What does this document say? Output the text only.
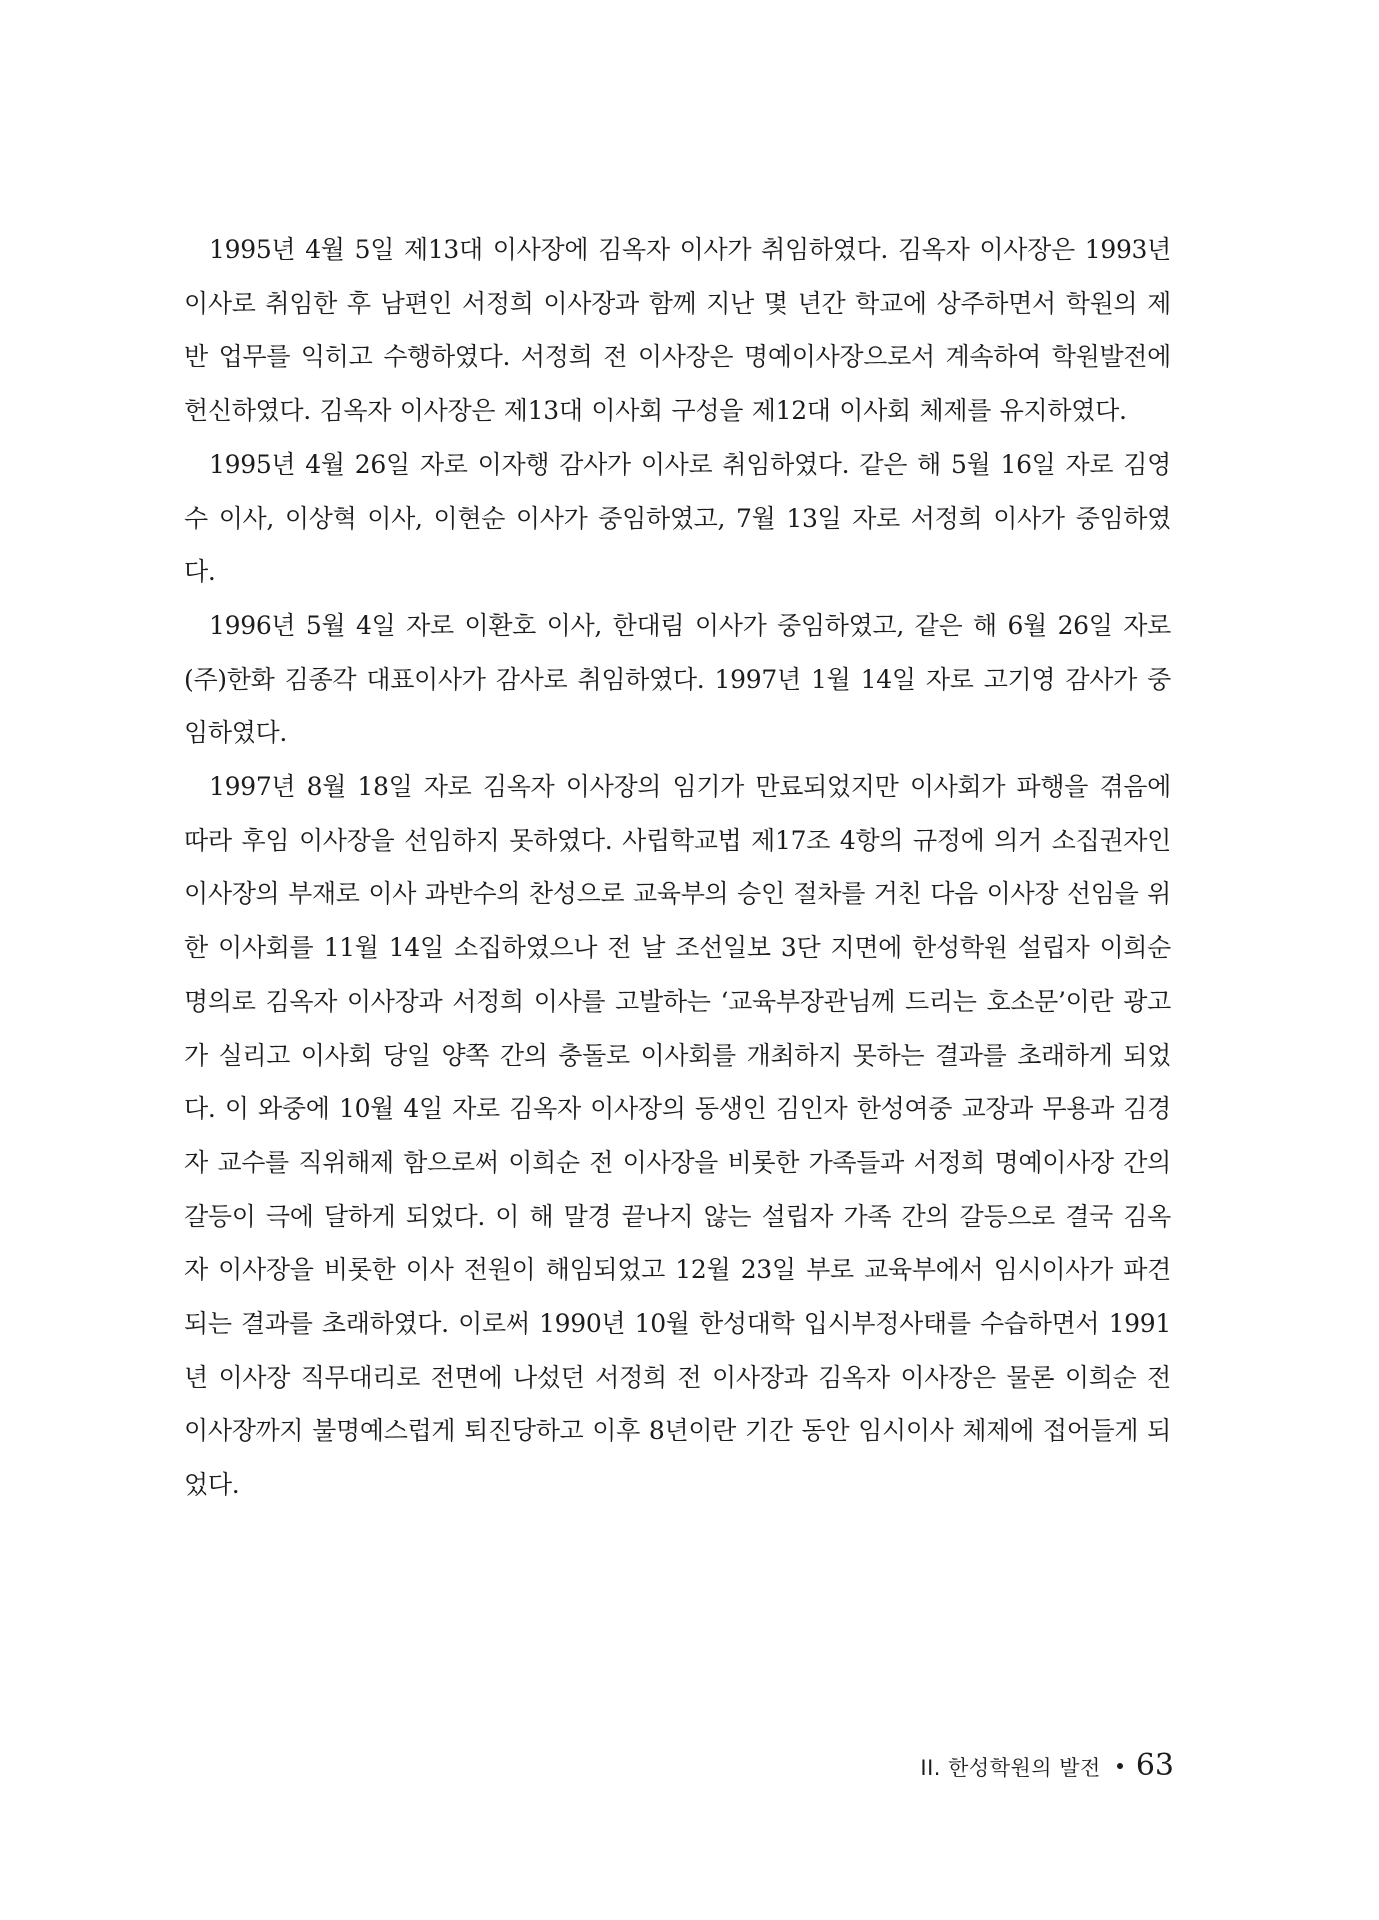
1995년 4월 5일 제13대 이사장에 김옥자 이사가 취임하였다. 김옥자 이사장은 1993년 이사로 취임한 후 남편인 서정희 이사장과 함께 지난 몇 년간 학교에 상주하면서 학원의 제반 업무를 익히고 수행하였다. 서정희 전 이사장은 명예이사장으로서 계속하여 학원발전에 헌신하였다. 김옥자 이사장은 제13대 이사회 구성을 제12대 이사회 체제를 유지하였다.

1995년 4월 26일 자로 이자행 감사가 이사로 취임하였다. 같은 해 5월 16일 자로 김영수 이사, 이상혁 이사, 이현순 이사가 중임하였고, 7월 13일 자로 서정희 이사가 중임하였다.

1996년 5월 4일 자로 이환호 이사, 한대림 이사가 중임하였고, 같은 해 6월 26일 자로 (주)한화 김종각 대표이사가 감사로 취임하였다. 1997년 1월 14일 자로 고기영 감사가 중임하였다.

1997년 8월 18일 자로 김옥자 이사장의 임기가 만료되었지만 이사회가 파행을 겪음에 따라 후임 이사장을 선임하지 못하였다. 사립학교법 제17조 4항의 규정에 의거 소집권자인 이사장의 부재로 이사 과반수의 찬성으로 교육부의 승인 절차를 거친 다음 이사장 선임을 위한 이사회를 11월 14일 소집하였으나 전 날 조선일보 3단 지면에 한성학원 설립자 이희순 명의로 김옥자 이사장과 서정희 이사를 고발하는 ‘교육부장관님께 드리는 호소문’이란 광고가 실리고 이사회 당일 양쪽 간의 충돌로 이사회를 개최하지 못하는 결과를 초래하게 되었다. 이 와중에 10월 4일 자로 김옥자 이사장의 동생인 김인자 한성여중 교장과 무용과 김경자 교수를 직위해제 함으로써 이희순 전 이사장을 비롯한 가족들과 서정희 명예이사장 간의 갈등이 극에 달하게 되었다. 이 해 말경 끝나지 않는 설립자 가족 간의 갈등으로 결국 김옥자 이사장을 비롯한 이사 전원이 해임되었고 12월 23일 부로 교육부에서 임시이사가 파견되는 결과를 초래하였다. 이로써 1990년 10월 한성대학 입시부정사태를 수습하면서 1991년 이사장 직무대리로 전면에 나섰던 서정희 전 이사장과 김옥자 이사장은 물론 이희순 전 이사장까지 불명예스럽게 퇴진당하고 이후 8년이란 기간 동안 임시이사 체제에 접어들게 되었다.

II. 한성학원의 발전 63
